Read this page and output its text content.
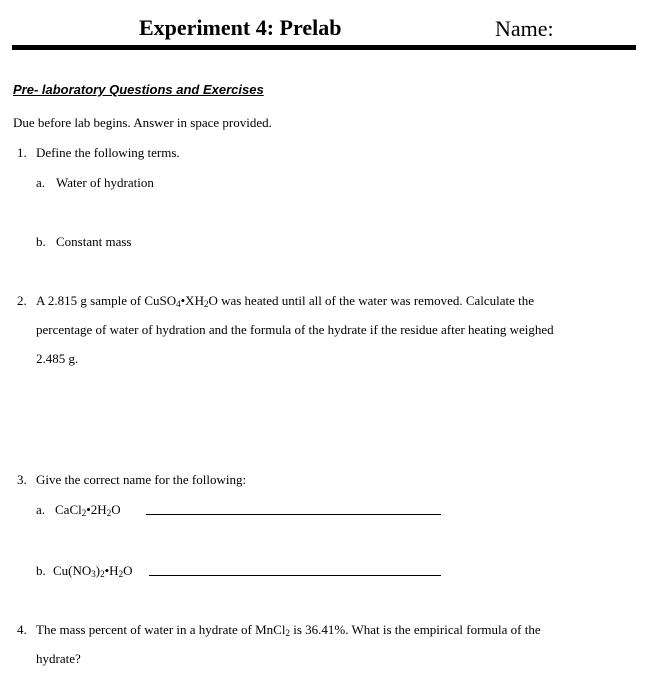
Experiment 4: Prelab	Name:
Pre- laboratory Questions and Exercises
Due before lab begins. Answer in space provided.
1. Define the following terms.
a. Water of hydration
b. Constant mass
2. A 2.815 g sample of $CuSO_4•XH_2O$ was heated until all of the water was removed. Calculate the
percentage of water of hydration and the formula of the hydrate if the residue after heating weighed
2.485 g.
3. Give the correct name for the following:
a. $CaCl_2•2H_2O$
b. $Cu(NO_3)_2•H_2O$
4. The mass percent of water in a hydrate of MnCl$_2$ is 36.41%. What is the empirical formula of the
hydrate?
